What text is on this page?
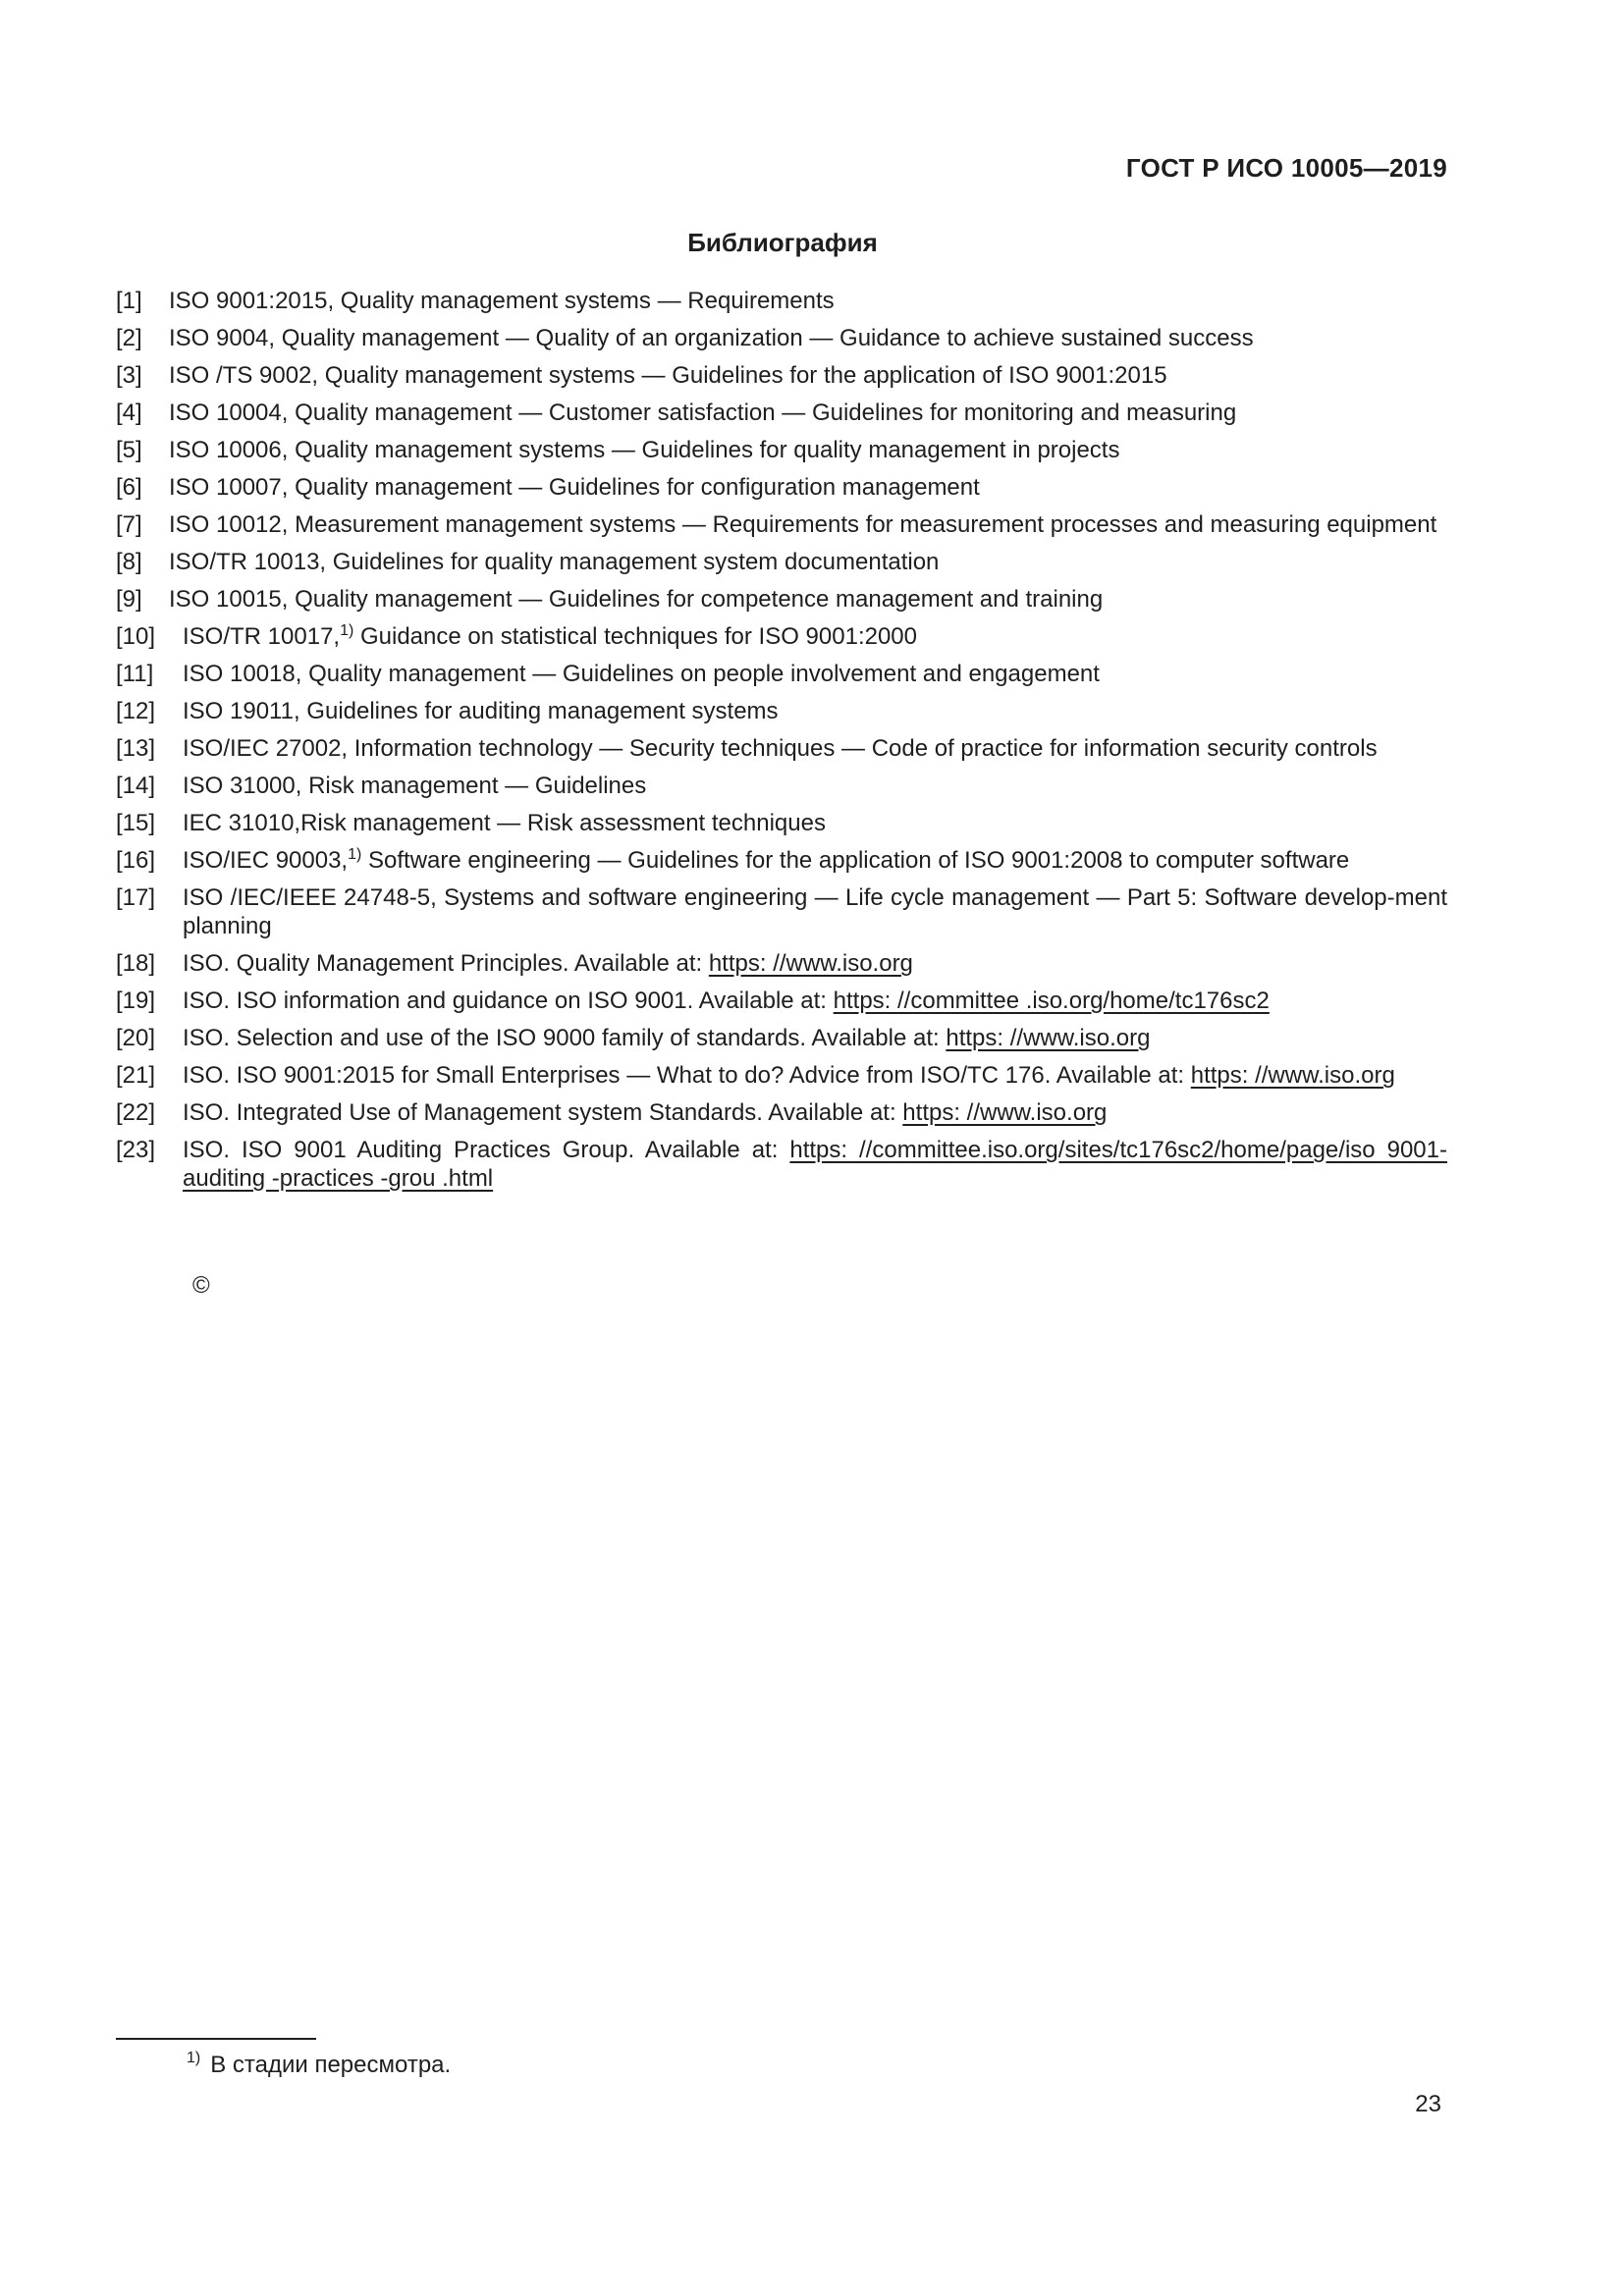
ГОСТ Р ИСО 10005—2019
Библиография
[1]	ISO 9001:2015, Quality management systems — Requirements
[2]	ISO 9004, Quality management — Quality of an organization — Guidance to achieve sustained success
[3]	ISO /TS 9002, Quality management systems — Guidelines for the application of ISO 9001:2015
[4]	ISO 10004, Quality management — Customer satisfaction — Guidelines for monitoring and measuring
[5]	ISO 10006, Quality management systems — Guidelines for quality management in projects
[6]	ISO 10007, Quality management — Guidelines for configuration management
[7]	ISO 10012, Measurement management systems — Requirements for measurement processes and measuring equipment
[8]	ISO/TR 10013, Guidelines for quality management system documentation
[9]	ISO 10015, Quality management — Guidelines for competence management and training
[10]	ISO/TR 10017,$^{1)}$ Guidance on statistical techniques for ISO 9001:2000
[11]	ISO 10018, Quality management — Guidelines on people involvement and engagement
[12]	ISO 19011, Guidelines for auditing management systems
[13]	ISO/IEC 27002, Information technology — Security techniques — Code of practice for information security controls
[14]	ISO 31000, Risk management — Guidelines
[15]	IEC 31010,Risk management — Risk assessment techniques
[16]	ISO/IEC 90003,$^{1)}$ Software engineering — Guidelines for the application of ISO 9001:2008 to computer software
[17]	ISO /IEC/IEEE 24748-5, Systems and software engineering — Life cycle management — Part 5: Software develop-ment planning
[18]	ISO. Quality Management Principles. Available at: https: //www.iso.org
[19]	ISO. ISO information and guidance on ISO 9001. Available at: https: //committee .iso.org/home/tc176sc2
[20]	ISO. Selection and use of the ISO 9000 family of standards. Available at: https: //www.iso.org
[21]	ISO. ISO 9001:2015 for Small Enterprises — What to do? Advice from ISO/TC 176. Available at: https: //www.iso.org
[22]	ISO. Integrated Use of Management system Standards. Available at: https: //www.iso.org
[23]	ISO. ISO 9001 Auditing Practices Group. Available at: https: //committee.iso.org/sites/tc176sc2/home/page/iso 9001-auditing -practices -grou .html
©
$^{1)}$ В стадии пересмотра.
23
